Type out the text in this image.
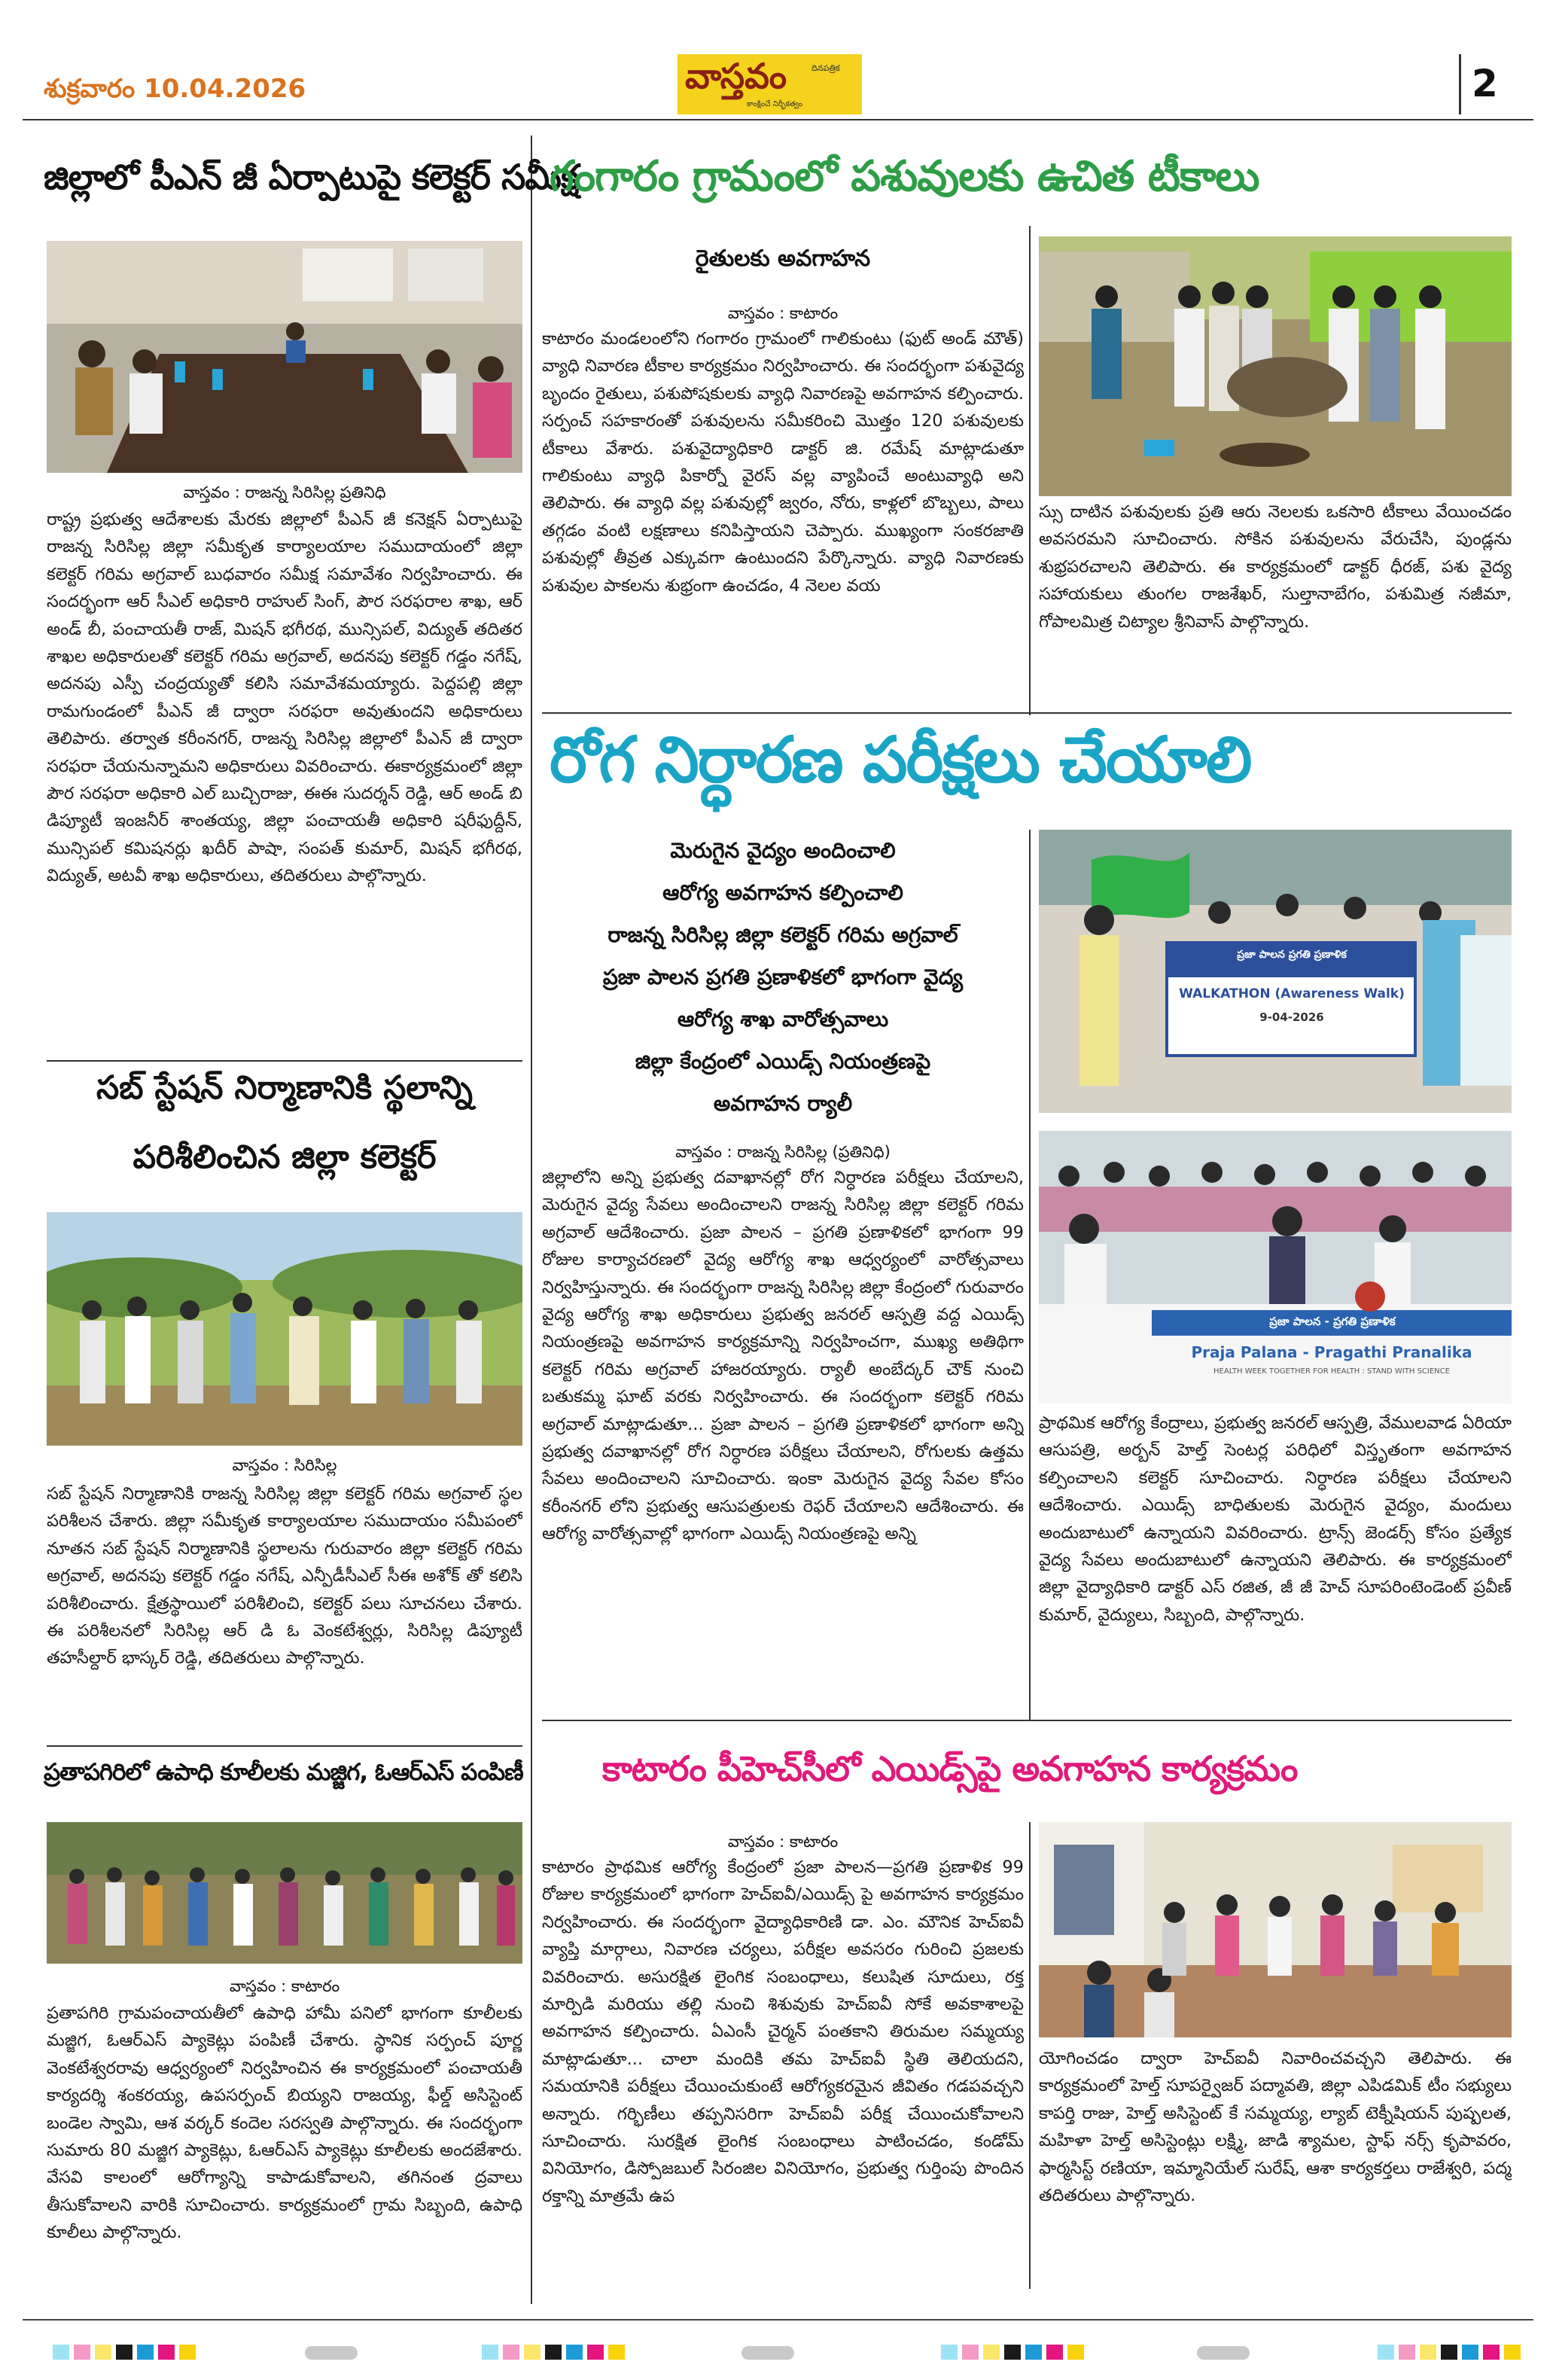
శుక్రవారం 10.04.2026	వాస్తవం	దినపత్రిక
కాంక్షించే నిర్భీకత్వం	2
జిల్లాలో పీఎన్ జీ ఏర్పాటుపై కలెక్టర్ సమీక్ష
వాస్తవం : రాజన్న సిరిసిల్ల ప్రతినిధి
రాష్ట్ర ప్రభుత్వ ఆదేశాలకు మేరకు జిల్లాలో పీఎన్ జీ కనెక్షన్ ఏర్పాటుపై రాజన్న సిరిసిల్ల జిల్లా సమీకృత కార్యాలయాల సముదాయంలో జిల్లా కలెక్టర్ గరిమ అగ్రవాల్ బుధవారం సమీక్ష సమావేశం నిర్వహించారు. ఈ సందర్భంగా ఆర్ సీఎల్ అధికారి రాహుల్ సింగ్, పౌర సరఫరాల శాఖ, ఆర్ అండ్ బీ, పంచాయతీ రాజ్, మిషన్ భగీరథ, మున్సిపల్, విద్యుత్ తదితర శాఖల అధికారులతో కలెక్టర్ గరిమ అగ్రవాల్, అదనపు కలెక్టర్ గడ్డం నగేష్, అదనపు ఎస్పీ చంద్రయ్యతో కలిసి సమావేశమయ్యారు. పెద్దపల్లి జిల్లా రామగుండంలో పీఎన్ జీ ద్వారా సరఫరా అవుతుందని అధికారులు తెలిపారు. తర్వాత కరీంనగర్, రాజన్న సిరిసిల్ల జిల్లాలో పీఎన్ జీ ద్వారా సరఫరా చేయనున్నామని అధికారులు వివరించారు. ఈకార్యక్రమంలో జిల్లా పౌర సరఫరా అధికారి ఎల్ బుచ్చిరాజు, ఈఈ సుదర్శన్ రెడ్డి, ఆర్ అండ్ బి డిప్యూటీ ఇంజనీర్ శాంతయ్య, జిల్లా పంచాయతీ అధికారి షరీఫుద్దీన్, మున్సిపల్ కమిషనర్లు ఖదీర్ పాషా, సంపత్ కుమార్, మిషన్ భగీరథ, విద్యుత్, అటవీ శాఖ అధికారులు, తదితరులు పాల్గొన్నారు.
సబ్ స్టేషన్ నిర్మాణానికి స్థలాన్ని
పరిశీలించిన జిల్లా కలెక్టర్
వాస్తవం : సిరిసిల్ల
సబ్ స్టేషన్ నిర్మాణానికి రాజన్న సిరిసిల్ల జిల్లా కలెక్టర్ గరిమ అగ్రవాల్ స్థల పరిశీలన చేశారు. జిల్లా సమీకృత కార్యాలయాల సముదాయం సమీపంలో నూతన సబ్ స్టేషన్ నిర్మాణానికి స్థలాలను గురువారం జిల్లా కలెక్టర్ గరిమ అగ్రవాల్, అదనపు కలెక్టర్ గడ్డం నగేష్, ఎన్పీడీసీఎల్ సీఈ అశోక్ తో కలిసి పరిశీలించారు. క్షేత్రస్థాయిలో పరిశీలించి, కలెక్టర్ పలు సూచనలు చేశారు. ఈ పరిశీలనలో సిరిసిల్ల ఆర్ డి ఓ వెంకటేశ్వర్లు, సిరిసిల్ల డిప్యూటీ తహసీల్దార్ భాస్కర్ రెడ్డి, తదితరులు పాల్గొన్నారు.
ప్రతాపగిరిలో ఉపాధి కూలీలకు మజ్జిగ, ఓఆర్ఎస్ పంపిణీ
వాస్తవం : కాటారం
ప్రతాపగిరి గ్రామపంచాయతీలో ఉపాధి హామీ పనిలో భాగంగా కూలీలకు మజ్జిగ, ఓఆర్ఎస్ ప్యాకెట్లు పంపిణీ చేశారు. స్థానిక సర్పంచ్ పూర్ణ వెంకటేశ్వరరావు ఆధ్వర్యంలో నిర్వహించిన ఈ కార్యక్రమంలో పంచాయతీ కార్యదర్శి శంకరయ్య, ఉపసర్పంచ్ బియ్యని రాజయ్య, ఫీల్డ్ అసిస్టెంట్ బండెల స్వామి, ఆశ వర్కర్ కందెల సరస్వతి పాల్గొన్నారు. ఈ సందర్భంగా సుమారు 80 మజ్జిగ ప్యాకెట్లు, ఓఆర్ఎస్ ప్యాకెట్లు కూలీలకు అందజేశారు. వేసవి కాలంలో ఆరోగ్యాన్ని కాపాడుకోవాలని, తగినంత ద్రవాలు తీసుకోవాలని వారికి సూచించారు. కార్యక్రమంలో గ్రామ సిబ్బంది, ఉపాధి కూలీలు పాల్గొన్నారు.
గంగారం గ్రామంలో పశువులకు ఉచిత టీకాలు
రైతులకు అవగాహన
వాస్తవం : కాటారం
కాటారం మండలంలోని గంగారం గ్రామంలో గాలికుంటు (ఫుట్ అండ్ మౌత్) వ్యాధి నివారణ టీకాల కార్యక్రమం నిర్వహించారు. ఈ సందర్భంగా పశువైద్య బృందం రైతులు, పశుపోషకులకు వ్యాధి నివారణపై అవగాహన కల్పించారు. సర్పంచ్ సహకారంతో పశువులను సమీకరించి మొత్తం 120 పశువులకు టీకాలు వేశారు. పశువైద్యాధికారి డాక్టర్ జి. రమేష్ మాట్లాడుతూ గాలికుంటు వ్యాధి పికార్నో వైరస్ వల్ల వ్యాపించే అంటువ్యాధి అని తెలిపారు. ఈ వ్యాధి వల్ల పశువుల్లో జ్వరం, నోరు, కాళ్లలో బొబ్బలు, పాలు తగ్గడం వంటి లక్షణాలు కనిపిస్తాయని చెప్పారు. ముఖ్యంగా సంకరజాతి పశువుల్లో తీవ్రత ఎక్కువగా ఉంటుందని పేర్కొన్నారు. వ్యాధి నివారణకు పశువుల పాకలను శుభ్రంగా ఉంచడం, 4 నెలల వయ
స్సు దాటిన పశువులకు ప్రతి ఆరు నెలలకు ఒకసారి టీకాలు వేయించడం అవసరమని సూచించారు. సోకిన పశువులను వేరుచేసి, పుండ్లను శుభ్రపరచాలని తెలిపారు. ఈ కార్యక్రమంలో డాక్టర్ ధీరజ్, పశు వైద్య సహాయకులు తుంగల రాజశేఖర్, సుల్తానాబేగం, పశుమిత్ర నజీమా, గోపాలమిత్ర చిట్యాల శ్రీనివాస్ పాల్గొన్నారు.
రోగ నిర్ధారణ పరీక్షలు చేయాలి
మెరుగైన వైద్యం అందించాలి
ఆరోగ్య అవగాహన కల్పించాలి
రాజన్న సిరిసిల్ల జిల్లా కలెక్టర్ గరిమ అగ్రవాల్
ప్రజా పాలన ప్రగతి ప్రణాళికలో భాగంగా వైద్య
ఆరోగ్య శాఖ వారోత్సవాలు
జిల్లా కేంద్రంలో ఎయిడ్స్ నియంత్రణపై
అవగాహన ర్యాలీ
వాస్తవం : రాజన్న సిరిసిల్ల (ప్రతినిధి)
జిల్లాలోని అన్ని ప్రభుత్వ దవాఖానల్లో రోగ నిర్ధారణ పరీక్షలు చేయాలని, మెరుగైన వైద్య సేవలు అందించాలని రాజన్న సిరిసిల్ల జిల్లా కలెక్టర్ గరిమ అగ్రవాల్ ఆదేశించారు. ప్రజా పాలన – ప్రగతి ప్రణాళికలో భాగంగా 99 రోజుల కార్యాచరణలో వైద్య ఆరోగ్య శాఖ ఆధ్వర్యంలో వారోత్సవాలు నిర్వహిస్తున్నారు. ఈ సందర్భంగా రాజన్న సిరిసిల్ల జిల్లా కేంద్రంలో గురువారం వైద్య ఆరోగ్య శాఖ అధికారులు ప్రభుత్వ జనరల్ ఆస్పత్రి వద్ద ఎయిడ్స్ నియంత్రణపై అవగాహన కార్యక్రమాన్ని నిర్వహించగా, ముఖ్య అతిథిగా కలెక్టర్ గరిమ అగ్రవాల్ హాజరయ్యారు. ర్యాలీ అంబేద్కర్ చౌక్ నుంచి బతుకమ్మ ఘాట్ వరకు నిర్వహించారు. ఈ సందర్భంగా కలెక్టర్ గరిమ అగ్రవాల్ మాట్లాడుతూ... ప్రజా పాలన – ప్రగతి ప్రణాళికలో భాగంగా అన్ని ప్రభుత్వ దవాఖానల్లో రోగ నిర్ధారణ పరీక్షలు చేయాలని, రోగులకు ఉత్తమ సేవలు అందించాలని సూచించారు. ఇంకా మెరుగైన వైద్య సేవల కోసం కరీంనగర్ లోని ప్రభుత్వ ఆసుపత్రులకు రెఫర్ చేయాలని ఆదేశించారు. ఈ ఆరోగ్య వారోత్సవాల్లో భాగంగా ఎయిడ్స్ నియంత్రణపై అన్ని
ప్రజా పాలన ప్రగతి ప్రణాళిక
WALKATHON (Awareness Walk)
9-04-2026
ప్రజా పాలన - ప్రగతి ప్రణాళిక
Praja Palana - Pragathi Pranalika
HEALTH WEEK TOGETHER FOR HEALTH : STAND WITH SCIENCE
ప్రాథమిక ఆరోగ్య కేంద్రాలు, ప్రభుత్వ జనరల్ ఆస్పత్రి, వేములవాడ ఏరియా ఆసుపత్రి, అర్బన్ హెల్త్ సెంటర్ల పరిధిలో విస్తృతంగా అవగాహన కల్పించాలని కలెక్టర్ సూచించారు. నిర్ధారణ పరీక్షలు చేయాలని ఆదేశించారు. ఎయిడ్స్ బాధితులకు మెరుగైన వైద్యం, మందులు అందుబాటులో ఉన్నాయని వివరించారు. ట్రాన్స్ జెండర్స్ కోసం ప్రత్యేక వైద్య సేవలు అందుబాటులో ఉన్నాయని తెలిపారు. ఈ కార్యక్రమంలో జిల్లా వైద్యాధికారి డాక్టర్ ఎస్ రజిత, జీ జీ హెచ్ సూపరింటెండెంట్ ప్రవీణ్ కుమార్, వైద్యులు, సిబ్బంది, పాల్గొన్నారు.
కాటారం పీహెచ్‌సీలో ఎయిడ్స్‌పై అవగాహన కార్యక్రమం
వాస్తవం : కాటారం
కాటారం ప్రాథమిక ఆరోగ్య కేంద్రంలో ప్రజా పాలన—ప్రగతి ప్రణాళిక 99 రోజుల కార్యక్రమంలో భాగంగా హెచ్ఐవీ/ఎయిడ్స్ పై అవగాహన కార్యక్రమం నిర్వహించారు. ఈ సందర్భంగా వైద్యాధికారిణి డా. ఎం. మౌనిక హెచ్ఐవీ వ్యాప్తి మార్గాలు, నివారణ చర్యలు, పరీక్షల అవసరం గురించి ప్రజలకు వివరించారు. అసురక్షిత లైంగిక సంబంధాలు, కలుషిత సూదులు, రక్త మార్పిడి మరియు తల్లి నుంచి శిశువుకు హెచ్ఐవీ సోకే అవకాశాలపై అవగాహన కల్పించారు. ఏఎంసీ చైర్మన్ పంతకాని తిరుమల సమ్మయ్య మాట్లాడుతూ... చాలా మందికి తమ హెచ్ఐవీ స్థితి తెలియదని, సమయానికి పరీక్షలు చేయించుకుంటే ఆరోగ్యకరమైన జీవితం గడపవచ్చని అన్నారు. గర్భిణీలు తప్పనిసరిగా హెచ్ఐవీ పరీక్ష చేయించుకోవాలని సూచించారు. సురక్షిత లైంగిక సంబంధాలు పాటించడం, కండోమ్ వినియోగం, డిస్పోజబుల్ సిరంజిల వినియోగం, ప్రభుత్వ గుర్తింపు పొందిన రక్తాన్ని మాత్రమే ఉప
యోగించడం ద్వారా హెచ్ఐవీ నివారించవచ్చని తెలిపారు. ఈ కార్యక్రమంలో హెల్త్ సూపర్వైజర్ పద్మావతి, జిల్లా ఎపిడమిక్ టీం సభ్యులు కాపర్తి రాజు, హెల్త్ అసిస్టెంట్ కే సమ్మయ్య, ల్యాబ్ టెక్నీషియన్ పుష్పలత, మహిళా హెల్త్ అసిస్టెంట్లు లక్ష్మి, జాడి శ్యామల, స్టాఫ్ నర్స్ కృపావరం, ఫార్మసిస్ట్ రణియా, ఇమ్మానియేల్ సురేష్, ఆశా కార్యకర్తలు రాజేశ్వరి, పద్మ తదితరులు పాల్గొన్నారు.
